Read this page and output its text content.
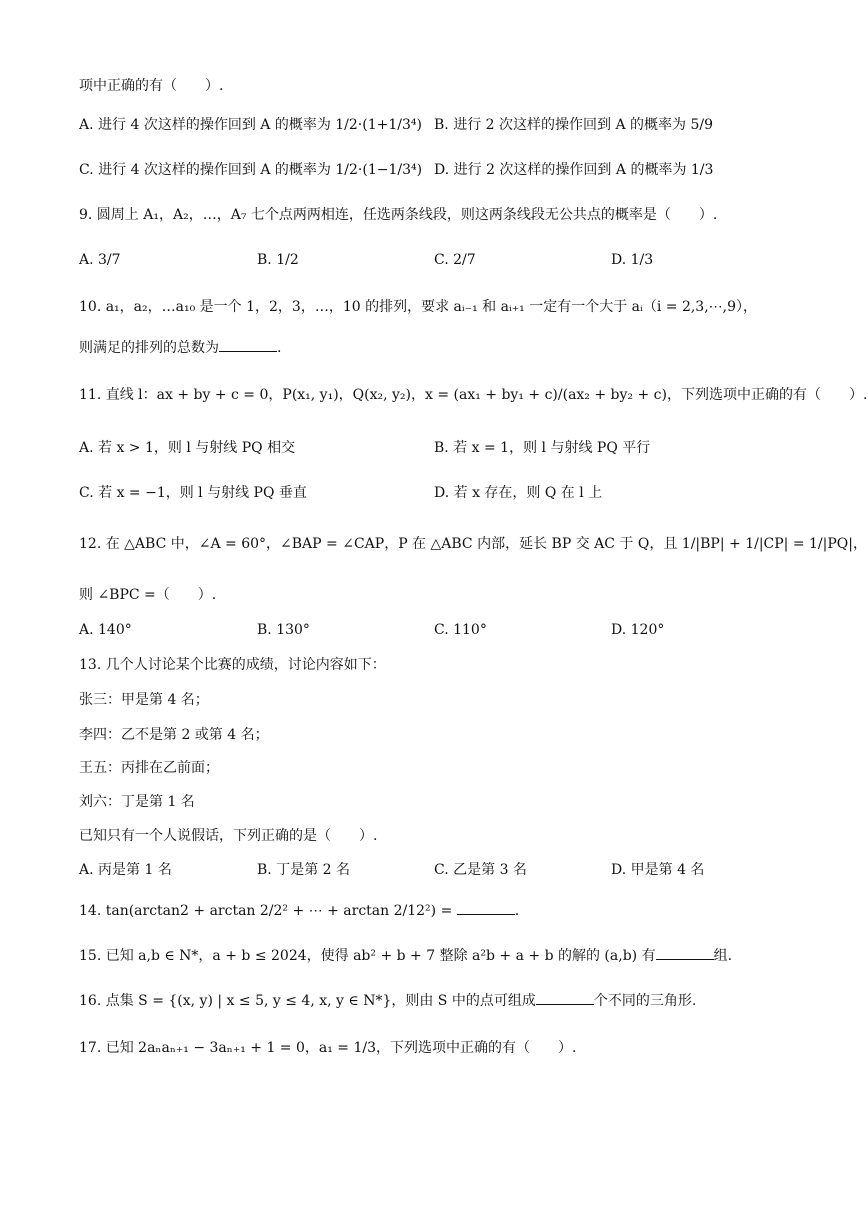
项中正确的有（　　）.
A. 进行 4 次这样的操作回到 A 的概率为 1/2·(1+1/3⁴) B. 进行 2 次这样的操作回到 A 的概率为 5/9
C. 进行 4 次这样的操作回到 A 的概率为 1/2·(1−1/3⁴) D. 进行 2 次这样的操作回到 A 的概率为 1/3
9. 圆周上 A₁，A₂，…，A₇ 七个点两两相连，任选两条线段，则这两条线段无公共点的概率是（　　）.
A. 3/7	B. 1/2	C. 2/7	D. 1/3
10. a₁，a₂，…a₁₀ 是一个 1，2，3，…，10 的排列，要求 aᵢ₋₁ 和 aᵢ₊₁ 一定有一个大于 aᵢ（i = 2,3,⋯,9），
则满足的排列的总数为	.
11. 直线 l：ax + by + c = 0，P(x₁, y₁)，Q(x₂, y₂)，x = (ax₁ + by₁ + c)/(ax₂ + by₂ + c)，下列选项中正确的有（　　）.
A. 若 x > 1，则 l 与射线 PQ 相交	B. 若 x = 1，则 l 与射线 PQ 平行
C. 若 x = −1，则 l 与射线 PQ 垂直	D. 若 x 存在，则 Q 在 l 上
12. 在 △ABC 中，∠A = 60°，∠BAP = ∠CAP，P 在 △ABC 内部，延长 BP 交 AC 于 Q，且 1/|BP| + 1/|CP| = 1/|PQ|，
则 ∠BPC =（　　）.
A. 140°	B. 130°	C. 110°	D. 120°
13. 几个人讨论某个比赛的成绩，讨论内容如下：
张三：甲是第 4 名；
李四：乙不是第 2 或第 4 名；
王五：丙排在乙前面；
刘六：丁是第 1 名
已知只有一个人说假话，下列正确的是（　　）.
A. 丙是第 1 名	B. 丁是第 2 名	C. 乙是第 3 名	D. 甲是第 4 名
14. tan(arctan2 + arctan 2/2² + ⋯ + arctan 2/12²) =	.
15. 已知 a,b ∈ N*，a + b ≤ 2024，使得 ab² + b + 7 整除 a²b + a + b 的解的 (a,b) 有	组.
16. 点集 S = {(x, y) | x ≤ 5, y ≤ 4, x, y ∈ N*}，则由 S 中的点可组成	个不同的三角形.
17. 已知 2aₙaₙ₊₁ − 3aₙ₊₁ + 1 = 0，a₁ = 1/3，下列选项中正确的有（　　）.
